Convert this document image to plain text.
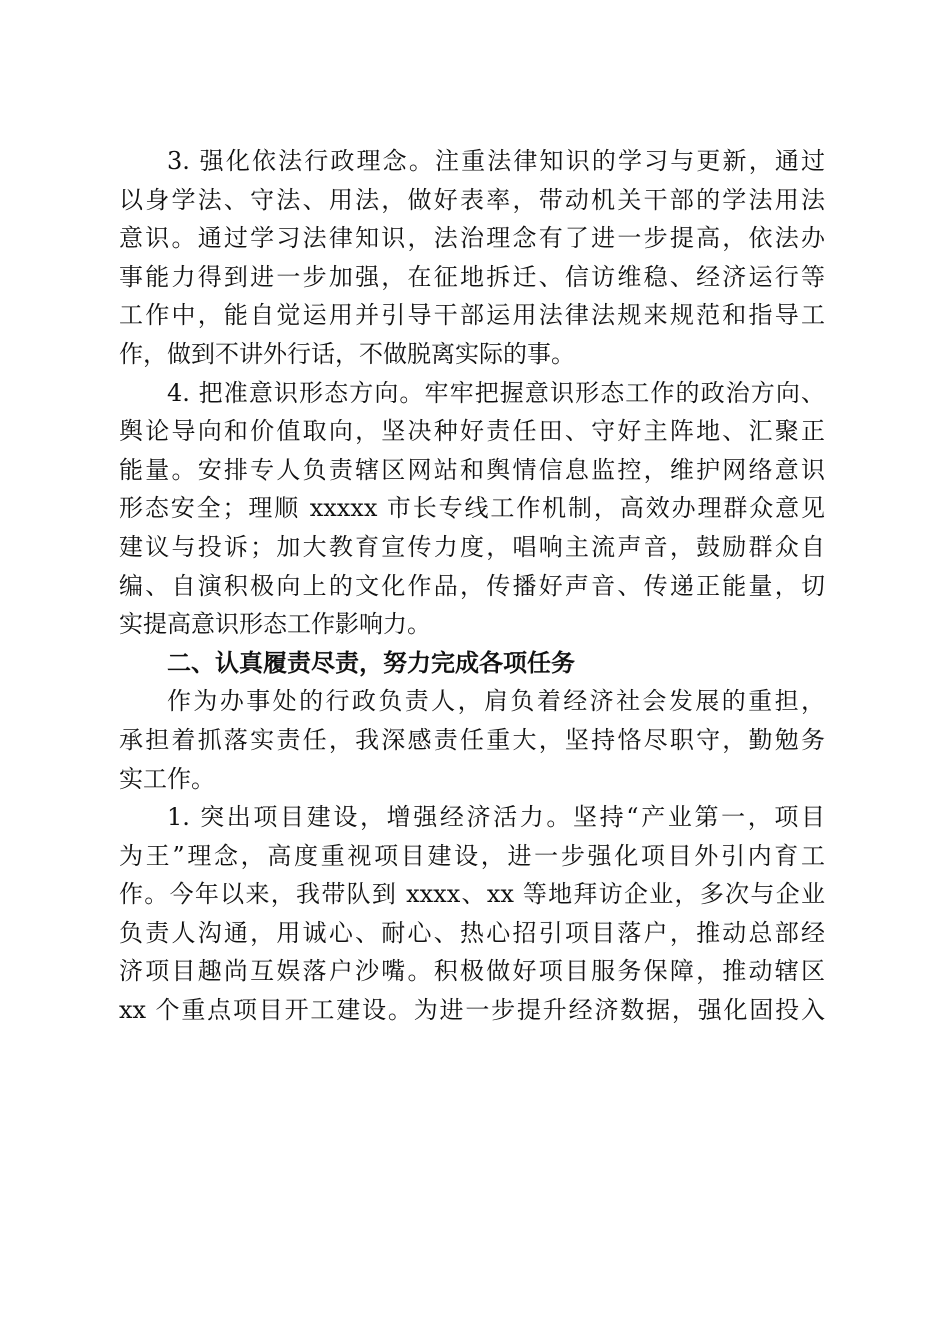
3. 强化依法行政理念。注重法律知识的学习与更新，通过
以身学法、守法、用法，做好表率，带动机关干部的学法用法
意识。通过学习法律知识，法治理念有了进一步提高，依法办
事能力得到进一步加强，在征地拆迁、信访维稳、经济运行等
工作中，能自觉运用并引导干部运用法律法规来规范和指导工
作，做到不讲外行话，不做脱离实际的事。
4. 把准意识形态方向。牢牢把握意识形态工作的政治方向、
舆论导向和价值取向，坚决种好责任田、守好主阵地、汇聚正
能量。安排专人负责辖区网站和舆情信息监控，维护网络意识
形态安全；理顺 xxxxx 市长专线工作机制，高效办理群众意见
建议与投诉；加大教育宣传力度，唱响主流声音，鼓励群众自
编、自演积极向上的文化作品，传播好声音、传递正能量，切
实提高意识形态工作影响力。
二、认真履责尽责，努力完成各项任务
作为办事处的行政负责人，肩负着经济社会发展的重担，
承担着抓落实责任，我深感责任重大，坚持恪尽职守，勤勉务
实工作。
1. 突出项目建设，增强经济活力。坚持“产业第一，项目
为王”理念，高度重视项目建设，进一步强化项目外引内育工
作。今年以来，我带队到 xxxx、xx 等地拜访企业，多次与企业
负责人沟通，用诚心、耐心、热心招引项目落户，推动总部经
济项目趣尚互娱落户沙嘴。积极做好项目服务保障，推动辖区
xx 个重点项目开工建设。为进一步提升经济数据，强化固投入
